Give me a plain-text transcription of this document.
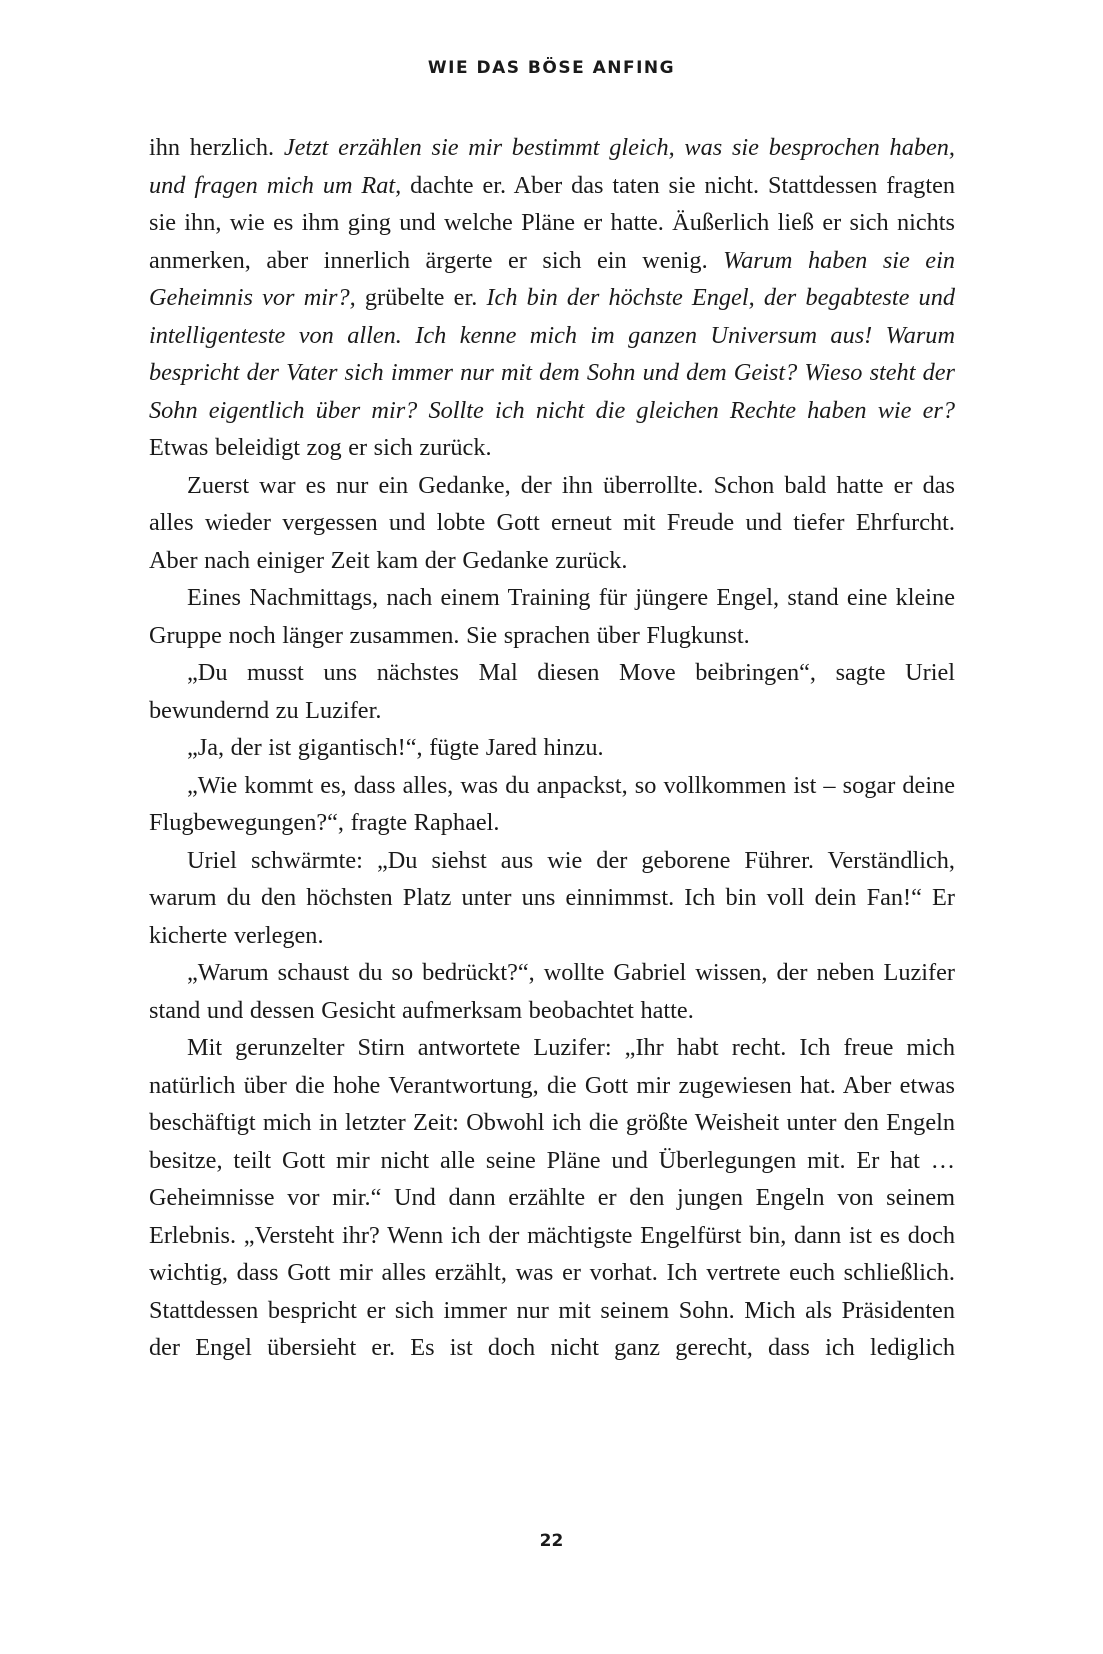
WIE DAS BÖSE ANFING

ihn herzlich. Jetzt erzählen sie mir bestimmt gleich, was sie besprochen haben, und fragen mich um Rat, dachte er. Aber das taten sie nicht. Stattdessen fragten sie ihn, wie es ihm ging und welche Pläne er hatte. Äußerlich ließ er sich nichts anmerken, aber innerlich ärgerte er sich ein wenig. Warum haben sie ein Geheimnis vor mir?, grübelte er. Ich bin der höchste Engel, der begabteste und intelligenteste von allen. Ich kenne mich im ganzen Universum aus! Warum bespricht der Vater sich immer nur mit dem Sohn und dem Geist? Wieso steht der Sohn eigentlich über mir? Sollte ich nicht die gleichen Rechte haben wie er? Etwas beleidigt zog er sich zurück.

Zuerst war es nur ein Gedanke, der ihn überrollte. Schon bald hatte er das alles wieder vergessen und lobte Gott erneut mit Freude und tiefer Ehrfurcht. Aber nach einiger Zeit kam der Gedanke zurück.

Eines Nachmittags, nach einem Training für jüngere Engel, stand eine kleine Gruppe noch länger zusammen. Sie sprachen über Flugkunst.

„Du musst uns nächstes Mal diesen Move beibringen“, sagte Uriel bewundernd zu Luzifer.

„Ja, der ist gigantisch!“, fügte Jared hinzu.

„Wie kommt es, dass alles, was du anpackst, so vollkommen ist – sogar deine Flugbewegungen?“, fragte Raphael.

Uriel schwärmte: „Du siehst aus wie der geborene Führer. Verständlich, warum du den höchsten Platz unter uns einnimmst. Ich bin voll dein Fan!“ Er kicherte verlegen.

„Warum schaust du so bedrückt?“, wollte Gabriel wissen, der neben Luzifer stand und dessen Gesicht aufmerksam beobachtet hatte.

Mit gerunzelter Stirn antwortete Luzifer: „Ihr habt recht. Ich freue mich natürlich über die hohe Verantwortung, die Gott mir zugewiesen hat. Aber etwas beschäftigt mich in letzter Zeit: Obwohl ich die größte Weisheit unter den Engeln besitze, teilt Gott mir nicht alle seine Pläne und Überlegungen mit. Er hat … Geheimnisse vor mir.“ Und dann erzählte er den jungen Engeln von seinem Erlebnis. „Versteht ihr? Wenn ich der mächtigste Engelfürst bin, dann ist es doch wichtig, dass Gott mir alles erzählt, was er vorhat. Ich vertrete euch schließlich. Stattdessen bespricht er sich immer nur mit seinem Sohn. Mich als Präsidenten der Engel übersieht er. Es ist doch nicht ganz gerecht, dass ich lediglich

22
